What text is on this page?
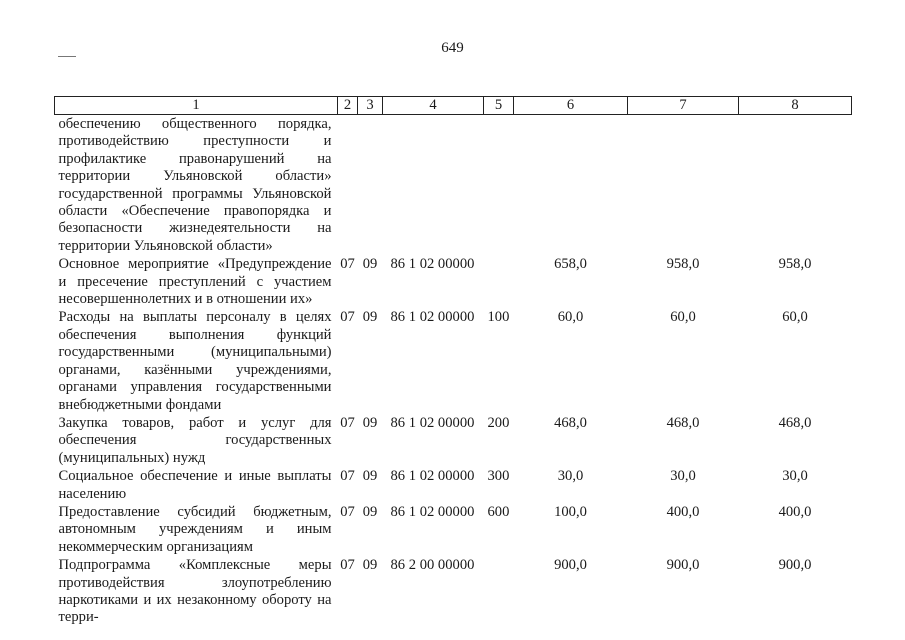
649
1	2	3	4	5	6	7	8
обеспечению общественного порядка, противодействию преступности и профилактике правонарушений на территории Ульяновской области» государственной программы Ульяновской области «Обеспечение правопорядка и безопасности жизнедеятельности на территории Ульяновской области»							
Основное мероприятие «Предупреждение и пресечение преступлений с участием несовершеннолетних и в отношении их»	07	09	86 1 02 00000		658,0	958,0	958,0
Расходы на выплаты персоналу в целях обеспечения выполнения функций государственными (муниципальными) органами, казёнными учреждениями, органами управления государственными внебюджетными фондами	07	09	86 1 02 00000	100	60,0	60,0	60,0
Закупка товаров, работ и услуг для обеспечения государственных (муниципальных) нужд	07	09	86 1 02 00000	200	468,0	468,0	468,0
Социальное обеспечение и иные выплаты населению	07	09	86 1 02 00000	300	30,0	30,0	30,0
Предоставление субсидий бюджетным, автономным учреждениям и иным некоммерческим организациям	07	09	86 1 02 00000	600	100,0	400,0	400,0
Подпрограмма «Комплексные меры противодействия злоупотреблению наркотиками и их незаконному обороту на терри-	07	09	86 2 00 00000		900,0	900,0	900,0
